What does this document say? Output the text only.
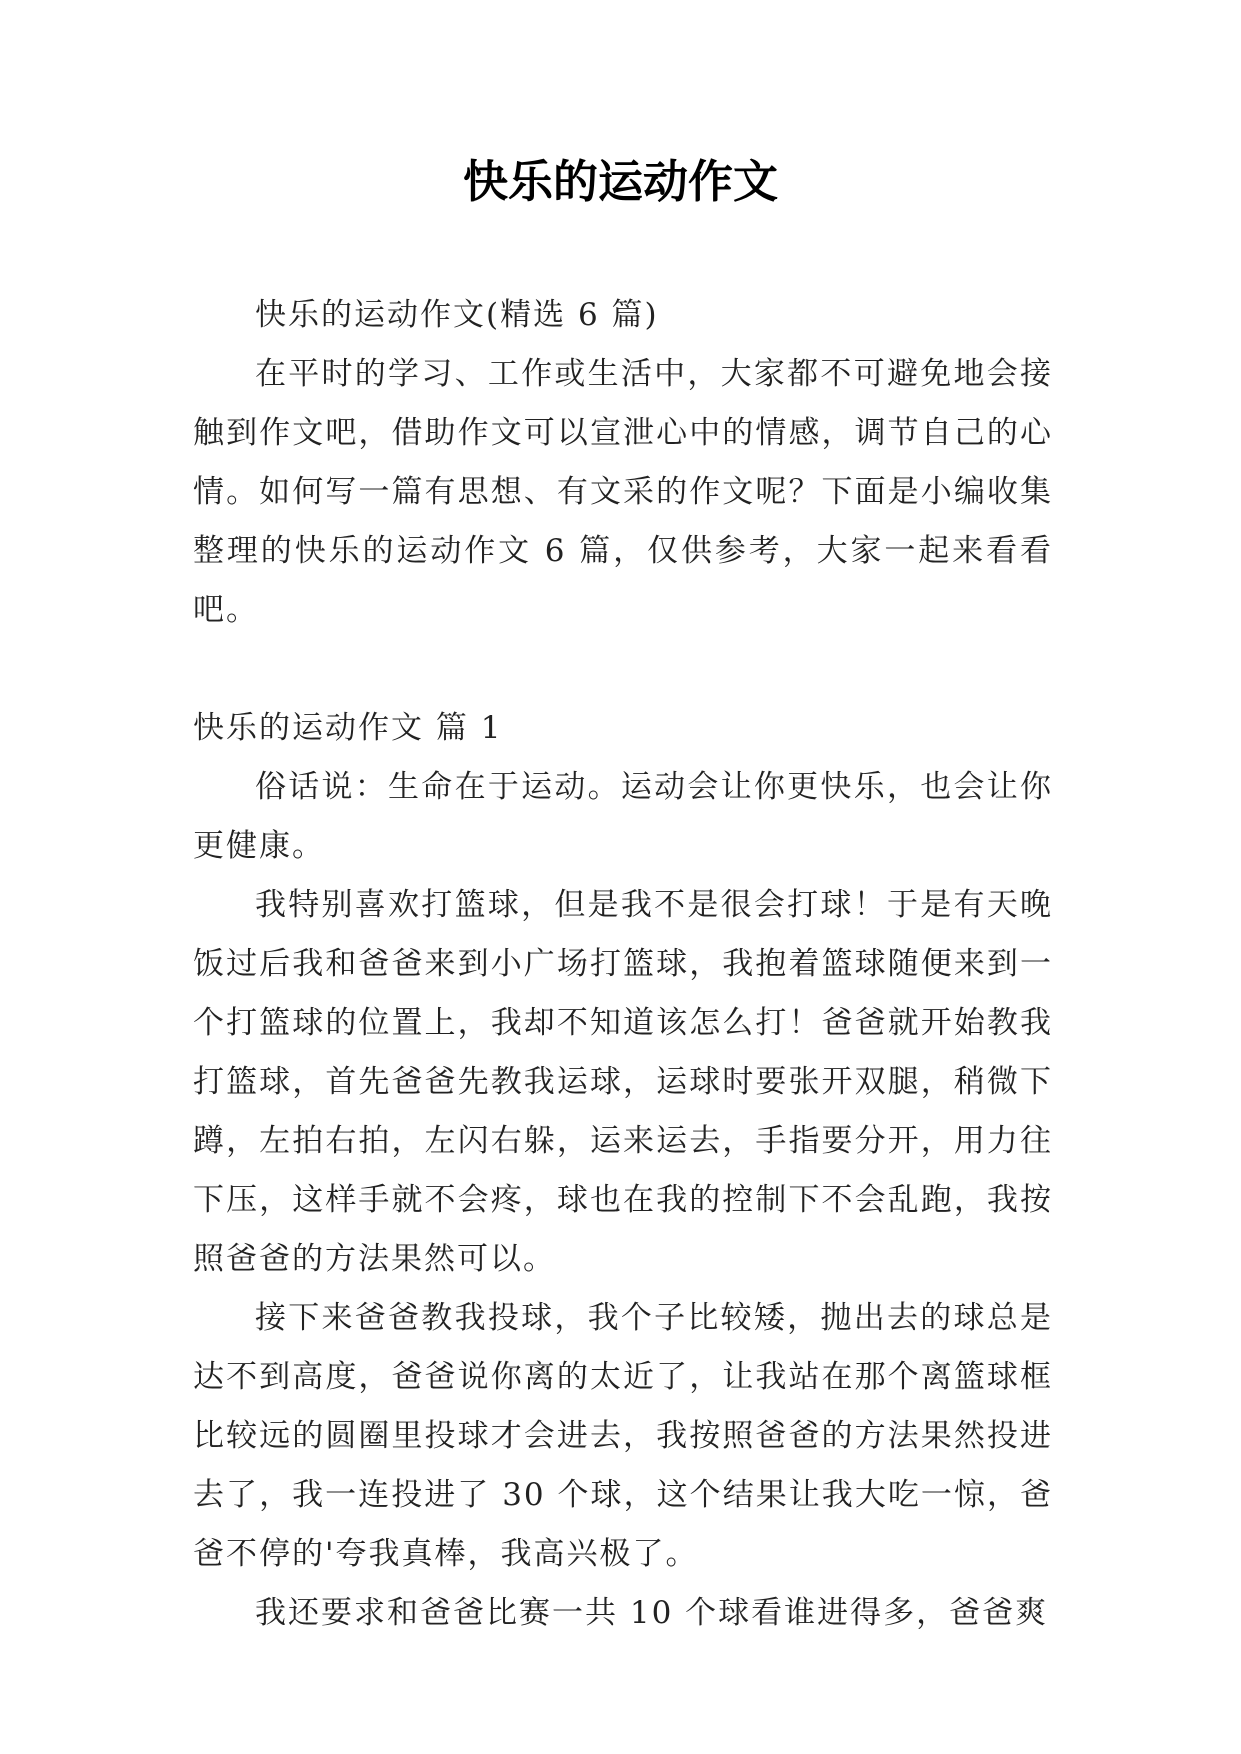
快乐的运动作文

快乐的运动作文(精选 6 篇)

在平时的学习、工作或生活中，大家都不可避免地会接触到作文吧，借助作文可以宣泄心中的情感，调节自己的心情。如何写一篇有思想、有文采的作文呢？下面是小编收集整理的快乐的运动作文 6 篇，仅供参考，大家一起来看看吧。

快乐的运动作文 篇 1

俗话说：生命在于运动。运动会让你更快乐，也会让你更健康。

我特别喜欢打篮球，但是我不是很会打球！于是有天晚饭过后我和爸爸来到小广场打篮球，我抱着篮球随便来到一个打篮球的位置上，我却不知道该怎么打！爸爸就开始教我打篮球，首先爸爸先教我运球，运球时要张开双腿，稍微下蹲，左拍右拍，左闪右躲，运来运去，手指要分开，用力往下压，这样手就不会疼，球也在我的控制下不会乱跑，我按照爸爸的方法果然可以。

接下来爸爸教我投球，我个子比较矮，抛出去的球总是达不到高度，爸爸说你离的太近了，让我站在那个离篮球框比较远的圆圈里投球才会进去，我按照爸爸的方法果然投进去了，我一连投进了 30 个球，这个结果让我大吃一惊，爸爸不停的'夸我真棒，我高兴极了。

我还要求和爸爸比赛一共 10 个球看谁进得多，爸爸爽
